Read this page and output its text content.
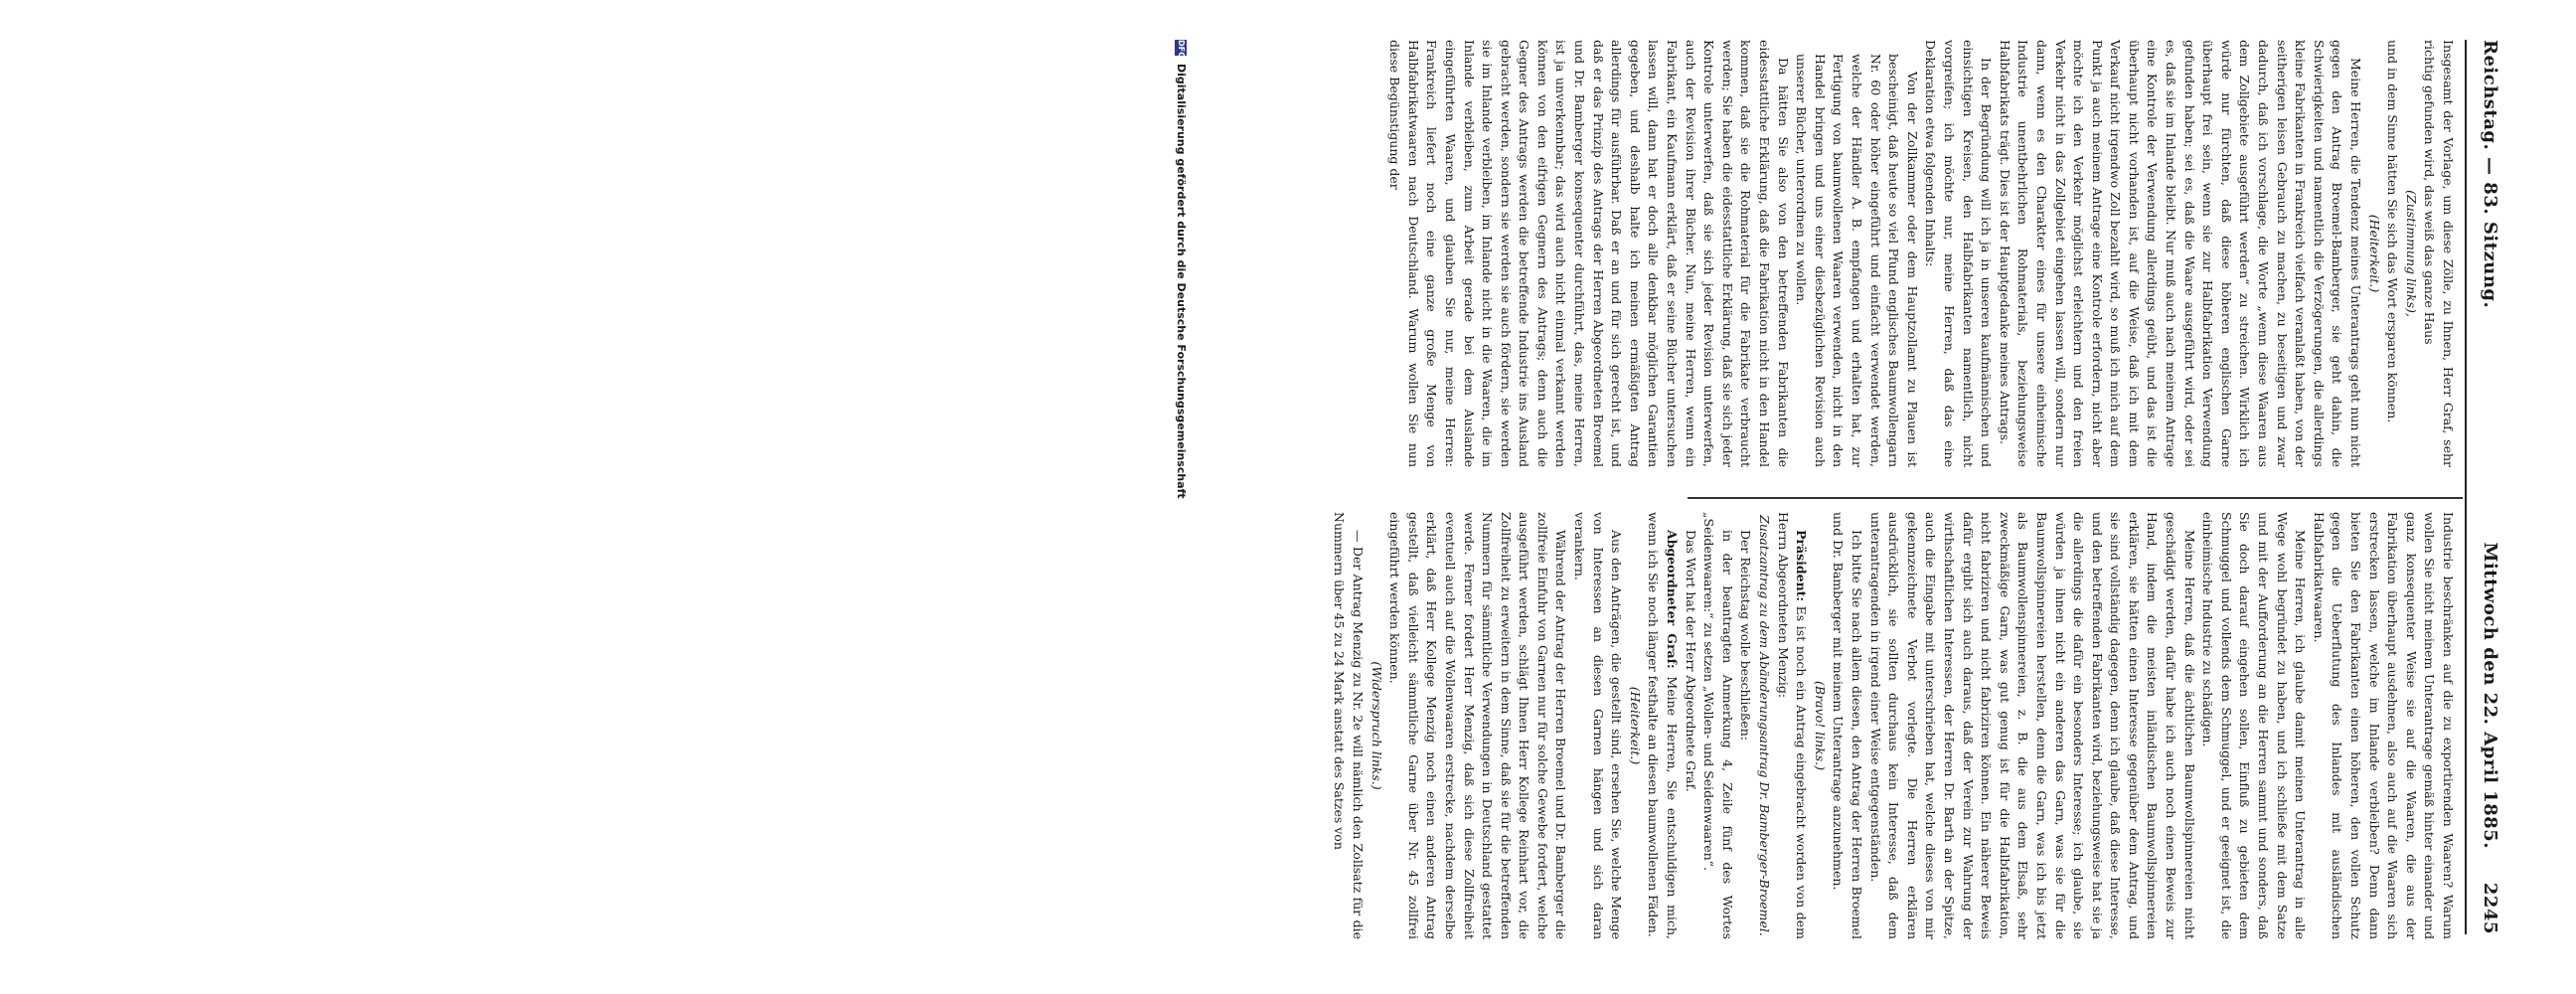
Reichstag. — 83. Sitzung.
Mittwoch den 22. April 1885.     2245

Insgesamt der Vorlage, um diese Zölle, zu Ihnen, Herr Graf, sehr richtig gefunden wird, das weiß das ganze Haus

(Zustimmung links),

und in dem Sinne hätten Sie sich das Wort ersparen können.

(Heiterkeit.)

Meine Herren, die Tendenz meines Unterantrags geht nun nicht gegen den Antrag Broemel-Bamberger, sie geht dahin, die Schwierigkeiten und namentlich die Verzögerungen, die allerdings kleine Fabrikanten in Frankreich vielfach veranlaßt haben, von der seitherigen leisen Gebrauch zu machen, zu beseitigen und zwar dadurch, daß ich vorschlage, die Worte „wenn diese Waaren aus dem Zollgebiete ausgeführt werden“ zu streichen. Wirklich ich würde nur fürchten, daß diese höheren englischen Garne überhaupt frei sein, wenn sie zur Halbfabrikation Verwendung gefunden haben; sei es, daß die Waare ausgeführt wird, oder sei es, daß sie im Inlande bleibt. Nur muß auch nach meinem Antrage eine Kontrole der Verwendung allerdings geübt, und das ist die überhaupt nicht vorhanden ist, auf die Weise, daß ich mit dem Verkauf nicht irgendwo Zoll bezahlt wird, so muß ich mich auf dem Punkt ja auch meinem Antrage eine Kontrole erfordern, nicht aber möchte ich den Verkehr möglichst erleichtern und den freien Verkehr nicht in das Zollgebiet eingehen lassen will, sondern nur dann, wenn es den Charakter eines für unsere einheimische Industrie unentbehrlichen Rohmaterials, beziehungsweise Halbfabrikats trägt. Dies ist der Hauptgedanke meines Antrags.

In der Begründung will ich ja in unseren kaufmännischen und einsichtigen Kreisen, den Halbfabrikanten namentlich, nicht vorgreifen; ich möchte nur, meine Herren, daß das eine Deklaration etwa folgenden Inhalts:

Von der Zollkammer oder dem Hauptzollamt zu Plauen ist bescheinigt, daß heute so viel Pfund englisches Baumwollengarn Nr. 60 oder höher eingeführt und einfacht verwendet werden, welche der Händler A. B. empfangen und erhalten hat, zur Fertigung von baumwollenen Waaren verwenden, nicht in den Handel bringen und uns einer diesbezüglichen Revision auch unserer Bücher, unterordnen zu wollen.

Da hätten Sie also von den betreffenden Fabrikanten die eidesstattliche Erklärung, daß die Fabrikation nicht in den Handel kommen, daß sie die Rohmaterial für die Fabrikate verbraucht werden; Sie haben die eidesstattliche Erklärung, daß sie sich jeder Kontrole unterwerfen, daß sie sich jeder Revision unterwerfen, auch der Revision ihrer Bücher. Nun, meine Herren, wenn ein Fabrikant, ein Kaufmann erklärt, daß er seine Bücher untersuchen lassen will, dann hat er doch alle denkbar möglichen Garantien gegeben, und deshalb halte ich meinen ermäßigten Antrag allerdings für ausführbar. Daß er an und für sich gerecht ist, und daß er das Prinzip des Antrags der Herren Abgeordneten Broemel und Dr. Bamberger konsequenter durchführt, das, meine Herren, ist ja unverkennbar; das wird auch nicht einmal verkannt werden können von den eifrigen Gegnern des Antrags; denn auch die Gegner des Antrags werden die betreffende Industrie ins Ausland gebracht werden, sondern sie werden sie auch fördern, sie werden sie im Inlande verbleiben, im Inlande nicht in die Waaren, die im Inlande verbleiben, zum Arbeit gerade bei dem Auslande eingeführten Waaren, und glauben Sie nur, meine Herren: Frankreich liefert noch eine ganze große Menge von Halbfabrikatwaaren nach Deutschland. Warum wollen Sie nun diese Begünstigung der

Industrie beschränken auf die zu exportirenden Waaren? Warum wollen Sie nicht meinem Unterantrage gemäß hinter einander und ganz konsequenter Weise sie auf die Waaren, die aus der Fabrikation überhaupt ausdehnen, also auch auf die Waaren sich erstrecken lassen, welche im Inlande verbleiben? Denn dann bieten Sie den Fabrikanten einen höheren, den vollen Schutz gegen die Ueberflutung des Inlandes mit ausländischen Halbfabrikatwaaren.

Meine Herren, ich glaube damit meinen Unterantrag in alle Wege wohl begründet zu haben, und ich schließe mit dem Satze und mit der Aufforderung an die Herren sammt und sonders, daß Sie doch darauf eingehen sollen, Einfluß zu gebieten dem Schmuggel und vollends dem Schmuggel, und er geeignet ist, die einheimische Industrie zu schädigen.

Meine Herren, daß die ächtlichen Baumwollspinnereien nicht geschädigt werden, dafür habe ich auch noch einen Beweis zur Hand, indem die meisten inländischen Baumwollspinnereien erklären, sie hätten einen Interesse gegenüber dem Antrag, und sie sind vollständig dagegen, denn ich glaube, daß diese Interesse, und den betreffenden Fabrikanten wird, beziehungsweise hat sie ja die allerdings die dafür ein besonders Interesse; ich glaube, sie würden ja ihnen nicht ein anderen das Garn, was sie für die Baumwollspinnereien herstellen, denn die Garn, was ich bis jetzt als Baumwollenspinnereien, z. B. die aus dem Elsaß, sehr zweckmäßige Garn, was gut genug ist für die Halbfabrikation, nicht fabriziren und nicht fabriziren können. Ein näherer Beweis dafür ergibt sich auch daraus, daß der Verein zur Wahrung der wirthschaftlichen Interessen, der Herren Dr. Barth an der Spitze, auch die Eingabe mit unterschrieben hat, welche dieses von mir gekennzeichnete Verbot vorlegte. Die Herren erklären ausdrücklich, sie sollten durchaus kein Interesse, daß dem unterantragenden in irgend einer Weise entgegenständen.

Ich bitte Sie nach allem diesen, den Antrag der Herren Broemel und Dr. Bamberger mit meinem Unterantrage anzunehmen.

(Bravo! links.)

Präsident: Es ist noch ein Antrag eingebracht worden von dem Herrn Abgeordneten Menzig:

Zusatzantrag zu dem Abänderungsantrag Dr. Bamberger-Broemel.

Der Reichstag wolle beschließen:

in der beantragten Anmerkung 4, Zeile fünf des Wortes „Seidenwaaren:“ zu setzen „Wollen- und Seidenwaaren“.

Das Wort hat der Herr Abgeordnete Graf.

Abgeordneter Graf: Meine Herren, Sie entschuldigen mich, wenn ich Sie noch länger festhalte an diesen baumwollenen Fäden.

(Heiterkeit.)

Aus den Anträgen, die gestellt sind, ersehen Sie, welche Menge von Interessen an diesen Garnen hängen und sich daran verankern.

Während der Antrag der Herren Broemel und Dr. Bamberger die zollfreie Einfuhr von Garnen nur für solche Gewebe fordert, welche ausgeführt werden, schlägt Ihnen Herr Kollege Reinhart vor, die Zollfreiheit zu erweitern in dem Sinne, daß sie für die betreffenden Nummern für sämmtliche Verwendungen in Deutschland gestattet werde. Ferner fordert Herr Menzig, daß sich diese Zollfreiheit eventuell auch auf die Wollenwaaren erstrecke, nachdem derselbe erklärt, daß Herr Kollege Menzig noch einen anderen Antrag gestellt, daß vielleicht sämmtliche Garne über Nr. 45 zollfrei eingeführt werden können.

(Widerspruch links.)

— Der Antrag Menzig zu Nr. 2e will nämlich den Zollsatz für die Nummern über 45 zu 24 Mark anstatt des Satzes von

DFG
Digitalisierung gefördert durch die Deutsche Forschungsgemeinschaft
